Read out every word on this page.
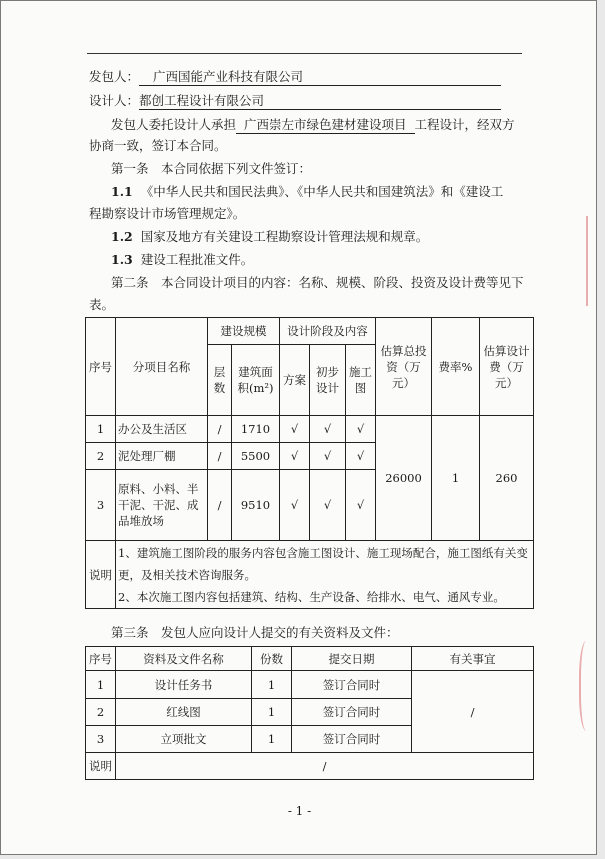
发包人： 广西国能产业科技有限公司
设计人：都创工程设计有限公司
发包人委托设计人承担 广西崇左市绿色建材建设项目 工程设计，经双方
协商一致，签订本合同。
第一条　本合同依据下列文件签订：
1.1 《中华人民共和国民法典》、《中华人民共和国建筑法》和《建设工
程勘察设计市场管理规定》。
1.2 国家及地方有关建设工程勘察设计管理法规和规章。
1.3 建设工程批准文件。
第二条　本合同设计项目的内容：名称、规模、阶段、投资及设计费等见下
表。
序号	分项目名称	建设规模		设计阶段及内容			估算总投资（万元）	费率%	估算设计费（万元）
		层数	建筑面积(m²)	方案	初步设计	施工图			
1	办公及生活区	/	1710	√	√	√	26000	1	260
2	泥处理厂棚	/	5500	√	√	√			
3	原料、小料、半干泥、干泥、成品堆放场	/	9510	√	√	√			
说明	1、建筑施工图阶段的服务内容包含施工图设计、施工现场配合，施工图纸有关变更，及相关技术咨询服务。
2、本次施工图内容包括建筑、结构、生产设备、给排水、电气、通风专业。								
第三条　发包人应向设计人提交的有关资料及文件：
序号	资料及文件名称	份数	提交日期	有关事宜
1	设计任务书	1	签订合同时	/
2	红线图	1	签订合同时	
3	立项批文	1	签订合同时	
说明	/			
- 1 -
